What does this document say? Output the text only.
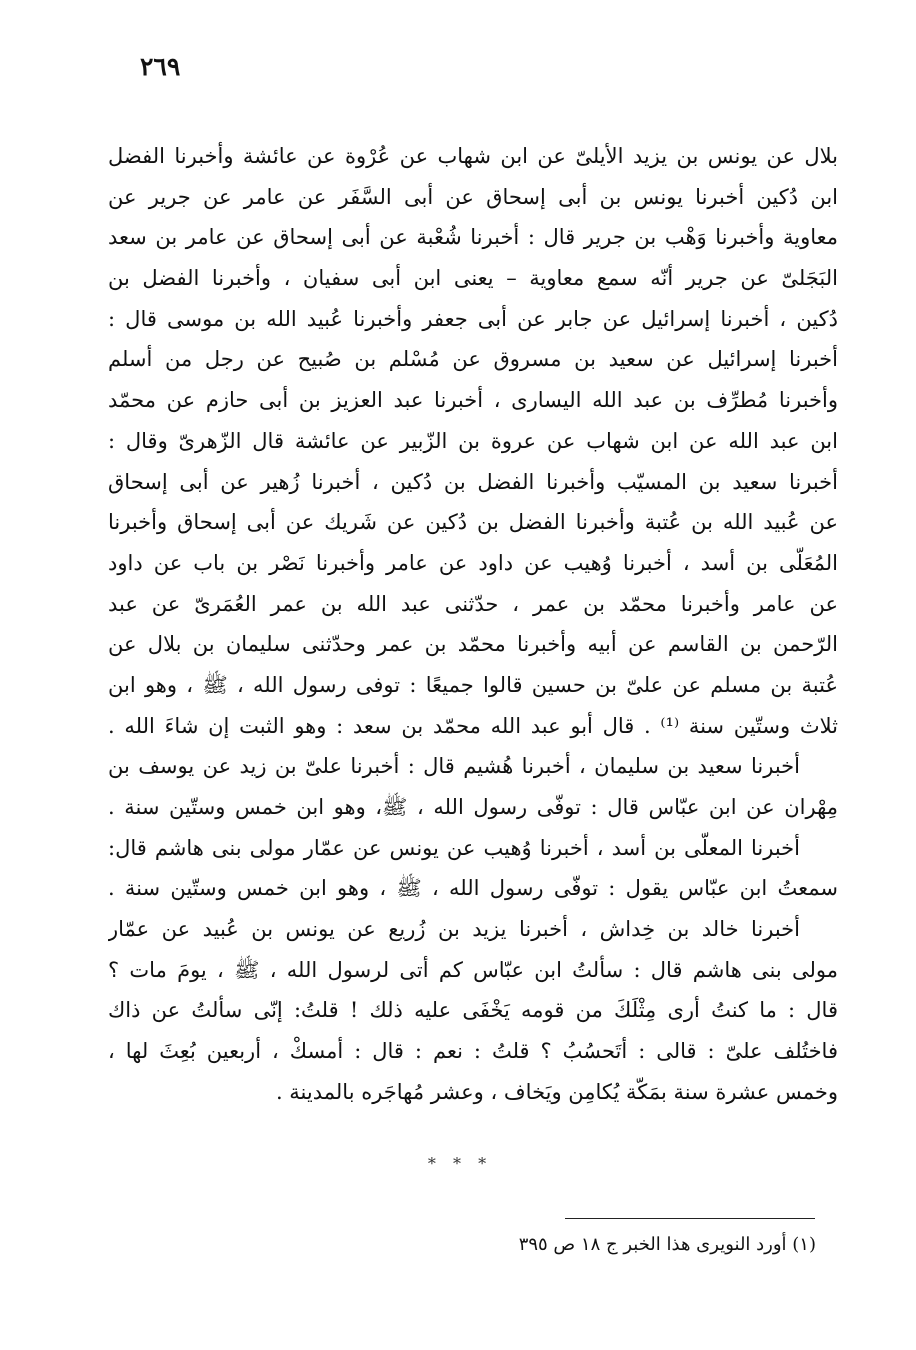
٢٦٩
بلال عن يونس بن يزيد الأيلىّ عن ابن شهاب عن عُرْوة عن عائشة وأخبرنا الفضل
ابن دُكين أخبرنا يونس بن أبى إسحاق عن أبى السَّفَر عن عامر عن جرير عن
معاوية وأخبرنا وَهْب بن جرير قال : أخبرنا شُعْبة عن أبى إسحاق عن عامر بن سعد
البَجَلىّ عن جرير أنّه سمع معاوية – يعنى ابن أبى سفيان ، وأخبرنا الفضل بن
دُكين ، أخبرنا إسرائيل عن جابر عن أبى جعفر وأخبرنا عُبيد الله بن موسى قال :
أخبرنا إسرائيل عن سعيد بن مسروق عن مُسْلم بن صُبيح عن رجل من أسلم
وأخبرنا مُطرِّف بن عبد الله اليسارى ، أخبرنا عبد العزيز بن أبى حازم عن محمّد
ابن عبد الله عن ابن شهاب عن عروة بن الزّبير عن عائشة قال الزّهرىّ وقال :
أخبرنا سعيد بن المسيّب وأخبرنا الفضل بن دُكين ، أخبرنا زُهير عن أبى إسحاق
عن عُبيد الله بن عُتبة وأخبرنا الفضل بن دُكين عن شَريك عن أبى إسحاق وأخبرنا
المُعَلّى بن أسد ، أخبرنا وُهيب عن داود عن عامر وأخبرنا نَصْر بن باب عن داود
عن عامر وأخبرنا محمّد بن عمر ، حدّثنى عبد الله بن عمر العُمَرىّ عن عبد
الرّحمن بن القاسم عن أبيه وأخبرنا محمّد بن عمر وحدّثنى سليمان بن بلال عن
عُتبة بن مسلم عن علىّ بن حسين قالوا جميعًا : توفى رسول الله ، ﷺ ، وهو ابن
ثلاث وستّين سنة ⁽¹⁾ . قال أبو عبد الله محمّد بن سعد : وهو الثبت إن شاءَ الله .
أخبرنا سعيد بن سليمان ، أخبرنا هُشيم قال : أخبرنا علىّ بن زيد عن يوسف بن
مِهْران عن ابن عبّاس قال : توفّى رسول الله ، ﷺ، وهو ابن خمس وستّين سنة .
أخبرنا المعلّى بن أسد ، أخبرنا وُهيب عن يونس عن عمّار مولى بنى هاشم قال:
سمعتُ ابن عبّاس يقول : توفّى رسول الله ، ﷺ ، وهو ابن خمس وستّين سنة .
أخبرنا خالد بن خِداش ، أخبرنا يزيد بن زُريع عن يونس بن عُبيد عن عمّار
مولى بنى هاشم قال : سألتُ ابن عبّاس كم أتى لرسول الله ، ﷺ ، يومَ مات ؟
قال : ما كنتُ أرى مِثْلَكَ من قومه يَخْفَى عليه ذلك ! قلتُ: إنّى سألتُ عن ذاك
فاختُلف علىّ : قالى : أتَحسُبُ ؟ قلتُ : نعم : قال : أمسكْ ، أربعين بُعِثَ لها ،
وخمس عشرة سنة بمَكّة يُكامِن ويَخاف ، وعشر مُهاجَره بالمدينة .
* * *
(١) أورد النويرى هذا الخبر ج ١٨ ص ٣٩٥
